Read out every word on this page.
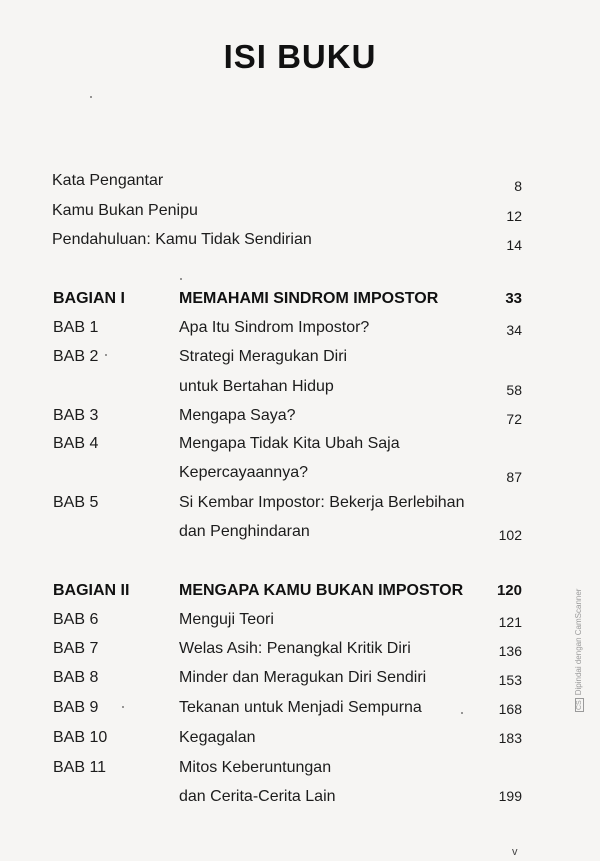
ISI BUKU
Kata Pengantar	8
Kamu Bukan Penipu	12
Pendahuluan: Kamu Tidak Sendirian	14
BAGIAN I	MEMAHAMI SINDROM IMPOSTOR	33
BAB 1	Apa Itu Sindrom Impostor?	34
BAB 2	Strategi Meragukan Diri
untuk Bertahan Hidup	58
BAB 3	Mengapa Saya?	72
BAB 4	Mengapa Tidak Kita Ubah Saja
Kepercayaannya?	87
BAB 5	Si Kembar Impostor: Bekerja Berlebihan
dan Penghindaran	102
BAGIAN II	MENGAPA KAMU BUKAN IMPOSTOR	120
BAB 6	Menguji Teori	121
BAB 7	Welas Asih: Penangkal Kritik Diri	136
BAB 8	Minder dan Meragukan Diri Sendiri	153
BAB 9	Tekanan untuk Menjadi Sempurna	168
BAB 10	Kegagalan	183
BAB 11	Mitos Keberuntungan
dan Cerita-Cerita Lain	199
CSDipindai dengan CamScanner
v
